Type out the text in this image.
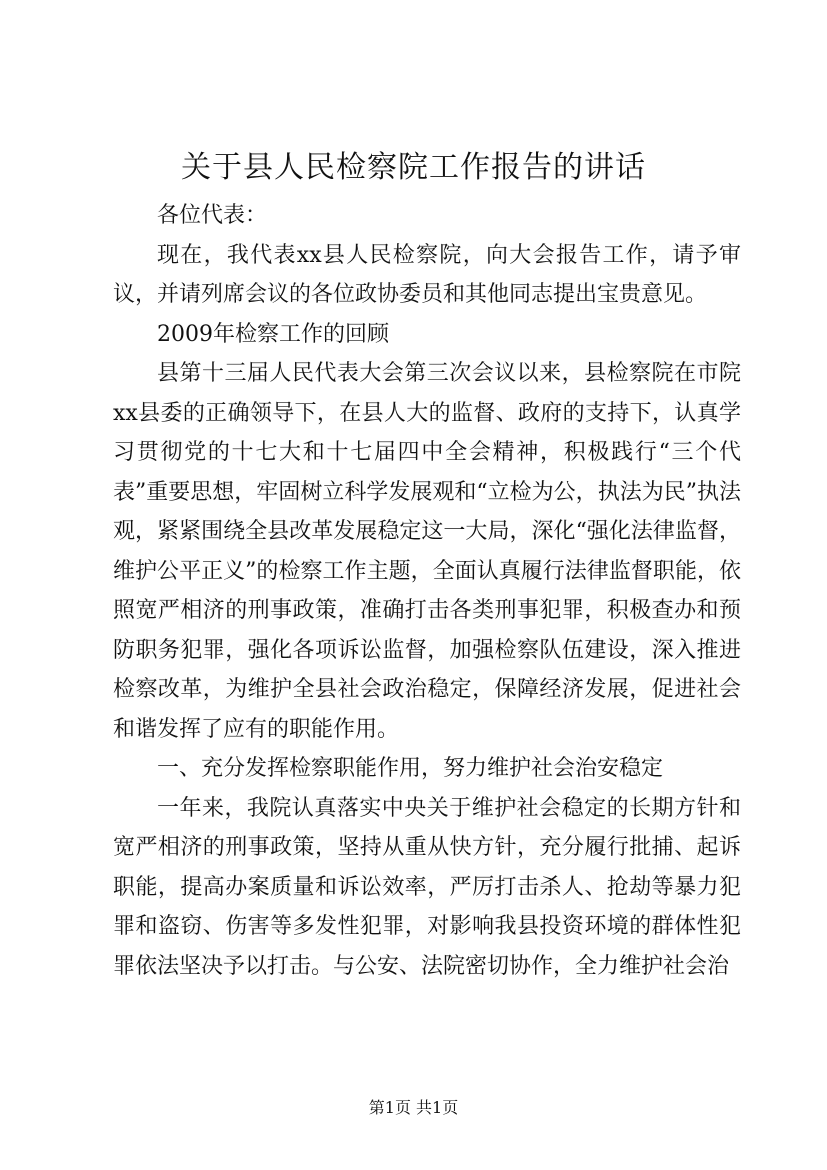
关于县人民检察院工作报告的讲话

各位代表：

现在，我代表xx县人民检察院，向大会报告工作，请予审议，并请列席会议的各位政协委员和其他同志提出宝贵意见。

2009年检察工作的回顾

县第十三届人民代表大会第三次会议以来，县检察院在市院xx县委的正确领导下，在县人大的监督、政府的支持下，认真学习贯彻党的十七大和十七届四中全会精神，积极践行“三个代表”重要思想，牢固树立科学发展观和“立检为公，执法为民”执法观，紧紧围绕全县改革发展稳定这一大局，深化“强化法律监督，维护公平正义”的检察工作主题，全面认真履行法律监督职能，依照宽严相济的刑事政策，准确打击各类刑事犯罪，积极查办和预防职务犯罪，强化各项诉讼监督，加强检察队伍建设，深入推进检察改革，为维护全县社会政治稳定，保障经济发展，促进社会和谐发挥了应有的职能作用。

一、充分发挥检察职能作用，努力维护社会治安稳定

一年来，我院认真落实中央关于维护社会稳定的长期方针和宽严相济的刑事政策，坚持从重从快方针，充分履行批捕、起诉职能，提高办案质量和诉讼效率，严厉打击杀人、抢劫等暴力犯罪和盗窃、伤害等多发性犯罪，对影响我县投资环境的群体性犯罪依法坚决予以打击。与公安、法院密切协作，全力维护社会治

第1页 共1页
